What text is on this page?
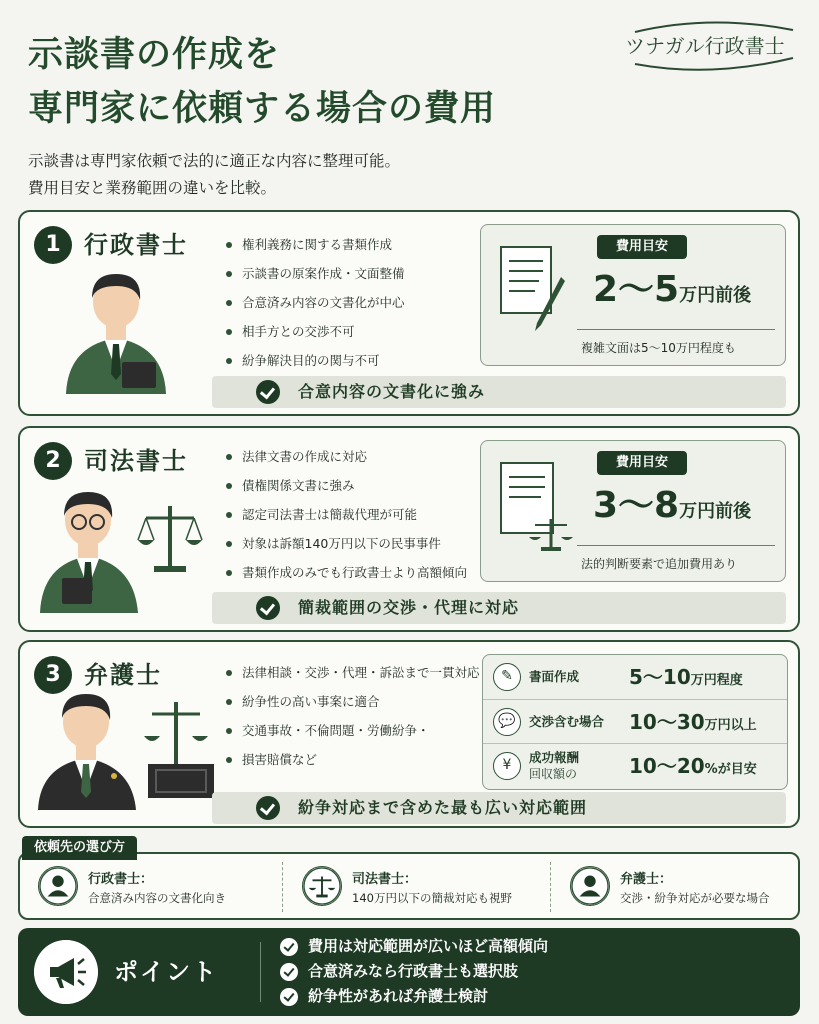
示談書の作成を
専門家に依頼する場合の費用
ツナガル行政書士
示談書は専門家依頼で法的に適正な内容に整理可能。
費用目安と業務範囲の違いを比較。
1 行政書士	権利義務に関する書類作成
示談書の原案作成・文面整備
合意済み内容の文書化が中心
相手方との交渉不可
紛争解決目的の関与不可
費用目安
2〜5万円前後
複雑文面は5〜10万円程度も
合意内容の文書化に強み
2 司法書士	法律文書の作成に対応
債権関係文書に強み
認定司法書士は簡裁代理が可能
対象は訴額140万円以下の民事事件
書類作成のみでも行政書士より高額傾向
費用目安
3〜8万円前後
法的判断要素で追加費用あり
簡裁範囲の交渉・代理に対応
3 弁護士	法律相談・交渉・代理・訴訟まで一貫対応
紛争性の高い事案に適合
交通事故・不倫問題・労働紛争・
損害賠償など
✎	書面作成 5〜10万円程度
💬	交渉含む場合 10〜30万円以上
¥	成功報酬
回収額の	10〜20%が目安
紛争対応まで含めた最も広い対応範囲
行政書士：
合意済み内容の文書化向き
司法書士：
140万円以下の簡裁対応も視野
弁護士：
交渉・紛争対応が必要な場合
依頼先の選び方
ポイント
費用は対応範囲が広いほど高額傾向
合意済みなら行政書士も選択肢
紛争性があれば弁護士検討
